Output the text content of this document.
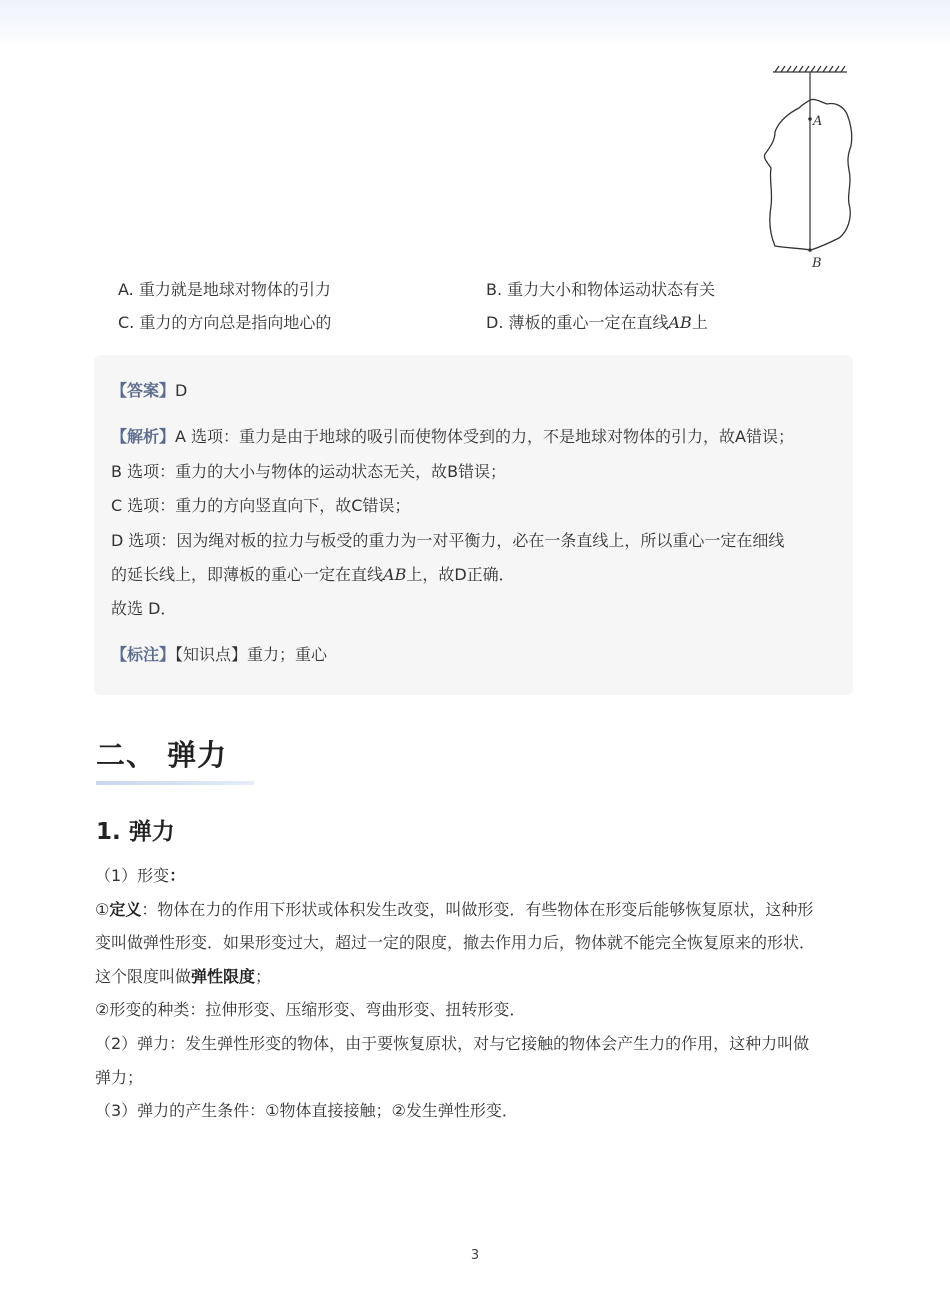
A
B
A. 重力就是地球对物体的引力	B. 重力大小和物体运动状态有关
C. 重力的方向总是指向地心的	D. 薄板的重心一定在直线AB上
【答案】D
【解析】A 选项：重力是由于地球的吸引而使物体受到的力，不是地球对物体的引力，故A错误；
B 选项：重力的大小与物体的运动状态无关，故B错误；
C 选项：重力的方向竖直向下，故C错误；
D 选项：因为绳对板的拉力与板受的重力为一对平衡力，必在一条直线上，所以重心一定在细线
的延长线上，即薄板的重心一定在直线AB上，故D正确．
故选 D．
【标注】【知识点】重力；重心
二、 弹力
1. 弹力
（1）形变：
①定义：物体在力的作用下形状或体积发生改变，叫做形变．有些物体在形变后能够恢复原状，这种形
变叫做弹性形变．如果形变过大，超过一定的限度，撤去作用力后，物体就不能完全恢复原来的形状．
这个限度叫做弹性限度；
②形变的种类：拉伸形变、压缩形变、弯曲形变、扭转形变．
（2）弹力：发生弹性形变的物体，由于要恢复原状，对与它接触的物体会产生力的作用，这种力叫做
弹力；
（3）弹力的产生条件：①物体直接接触；②发生弹性形变．
3
